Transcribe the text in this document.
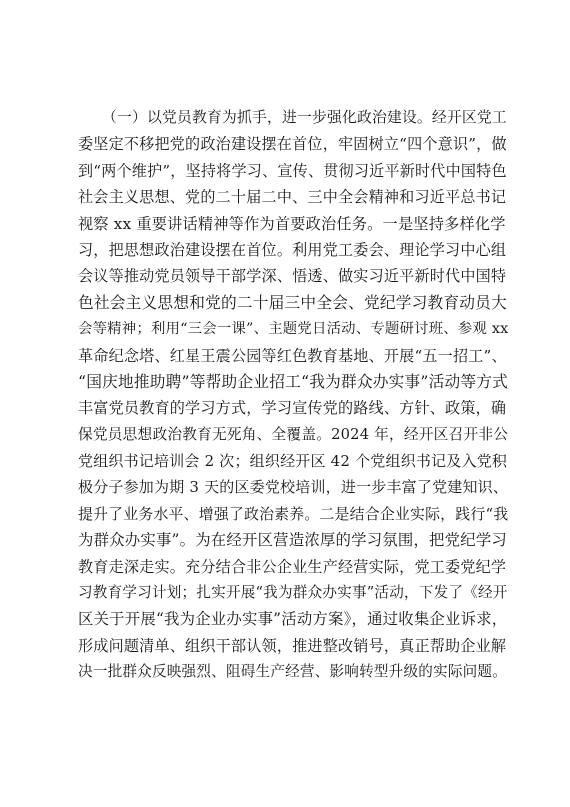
（一）以党员教育为抓手，进一步强化政治建设。经开区党工
委坚定不移把党的政治建设摆在首位，牢固树立“四个意识”，做
到“两个维护”，坚持将学习、宣传、贯彻习近平新时代中国特色
社会主义思想、党的二十届二中、三中全会精神和习近平总书记
视察 xx 重要讲话精神等作为首要政治任务。一是坚持多样化学
习，把思想政治建设摆在首位。利用党工委会、理论学习中心组
会议等推动党员领导干部学深、悟透、做实习近平新时代中国特
色社会主义思想和党的二十届三中全会、党纪学习教育动员大
会等精神；利用“三会一课”、主题党日活动、专题研讨班、参观 xx
革命纪念塔、红星王震公园等红色教育基地、开展“五一招工”、
“国庆地推助聘”等帮助企业招工“我为群众办实事”活动等方式
丰富党员教育的学习方式，学习宣传党的路线、方针、政策，确
保党员思想政治教育无死角、全覆盖。2024 年，经开区召开非公
党组织书记培训会 2 次；组织经开区 42 个党组织书记及入党积
极分子参加为期 3 天的区委党校培训，进一步丰富了党建知识、
提升了业务水平、增强了政治素养。二是结合企业实际，践行“我
为群众办实事”。为在经开区营造浓厚的学习氛围，把党纪学习
教育走深走实。充分结合非公企业生产经营实际，党工委党纪学
习教育学习计划；扎实开展“我为群众办实事”活动，下发了《经开
区关于开展“我为企业办实事”活动方案》，通过收集企业诉求，
形成问题清单、组织干部认领，推进整改销号，真正帮助企业解
决一批群众反映强烈、阻碍生产经营、影响转型升级的实际问题。
